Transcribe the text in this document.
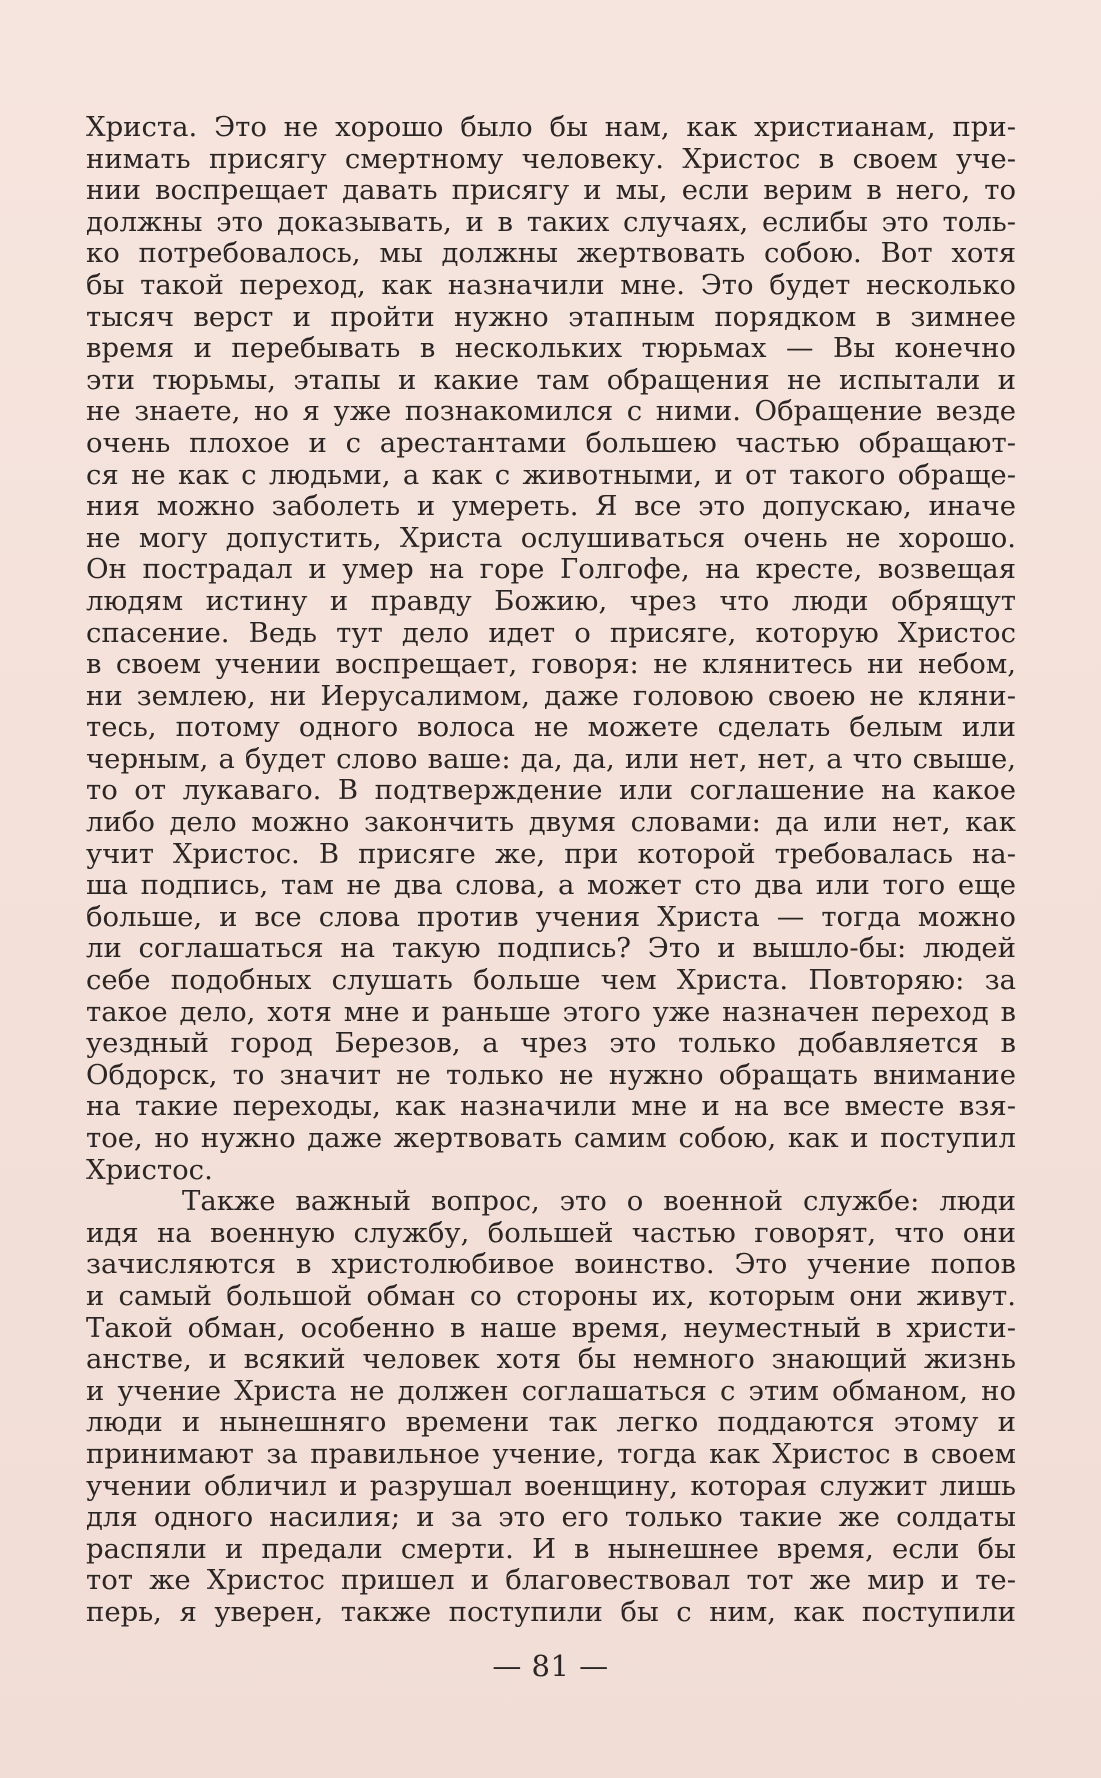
Христа. Это не хорошо было бы нам, как христианам, при-
нимать присягу смертному человеку. Христос в своем уче-
нии воспрещает давать присягу и мы, если верим в него, то
должны это доказывать, и в таких случаях, еслибы это толь-
ко потребовалось, мы должны жертвовать собою. Вот хотя
бы такой переход, как назначили мне. Это будет несколько
тысяч верст и пройти нужно этапным порядком в зимнее
время и перебывать в нескольких тюрьмах — Вы конечно
эти тюрьмы, этапы и какие там обращения не испытали и
не знаете, но я уже познакомился с ними. Обращение везде
очень плохое и с арестантами большею частью обращают-
ся не как с людьми, а как с животными, и от такого обраще-
ния можно заболеть и умереть. Я все это допускаю, иначе
не могу допустить, Христа ослушиваться очень не хорошо.
Он пострадал и умер на горе Голгофе, на кресте, возвещая
людям истину и правду Божию, чрез что люди обрящут
спасение. Ведь тут дело идет о присяге, которую Христос
в своем учении воспрещает, говоря: не клянитесь ни небом,
ни землею, ни Иерусалимом, даже головою своею не кляни-
тесь, потому одного волоса не можете сделать белым или
черным, а будет слово ваше: да, да, или нет, нет, а что свыше,
то от лукаваго. В подтверждение или соглашение на какое
либо дело можно закончить двумя словами: да или нет, как
учит Христос. В присяге же, при которой требовалась на-
ша подпись, там не два слова, а может сто два или того еще
больше, и все слова против учения Христа — тогда можно
ли соглашаться на такую подпись? Это и вышло-бы: людей
себе подобных слушать больше чем Христа. Повторяю: за
такое дело, хотя мне и раньше этого уже назначен переход в
уездный город Березов, а чрез это только добавляется в
Обдорск, то значит не только не нужно обращать внимание
на такие переходы, как назначили мне и на все вместе взя-
тое, но нужно даже жертвовать самим собою, как и поступил
Христос.
Также важный вопрос, это о военной службе: люди
идя на военную службу, большей частью говорят, что они
зачисляются в христолюбивое воинство. Это учение попов
и самый большой обман со стороны их, которым они живут.
Такой обман, особенно в наше время, неуместный в христи-
анстве, и всякий человек хотя бы немного знающий жизнь
и учение Христа не должен соглашаться с этим обманом, но
люди и нынешняго времени так легко поддаются этому и
принимают за правильное учение, тогда как Христос в своем
учении обличил и разрушал военщину, которая служит лишь
для одного насилия; и за это его только такие же солдаты
распяли и предали смерти. И в нынешнее время, если бы
тот же Христос пришел и благовествовал тот же мир и те-
перь, я уверен, также поступили бы с ним, как поступили
— 81 —
